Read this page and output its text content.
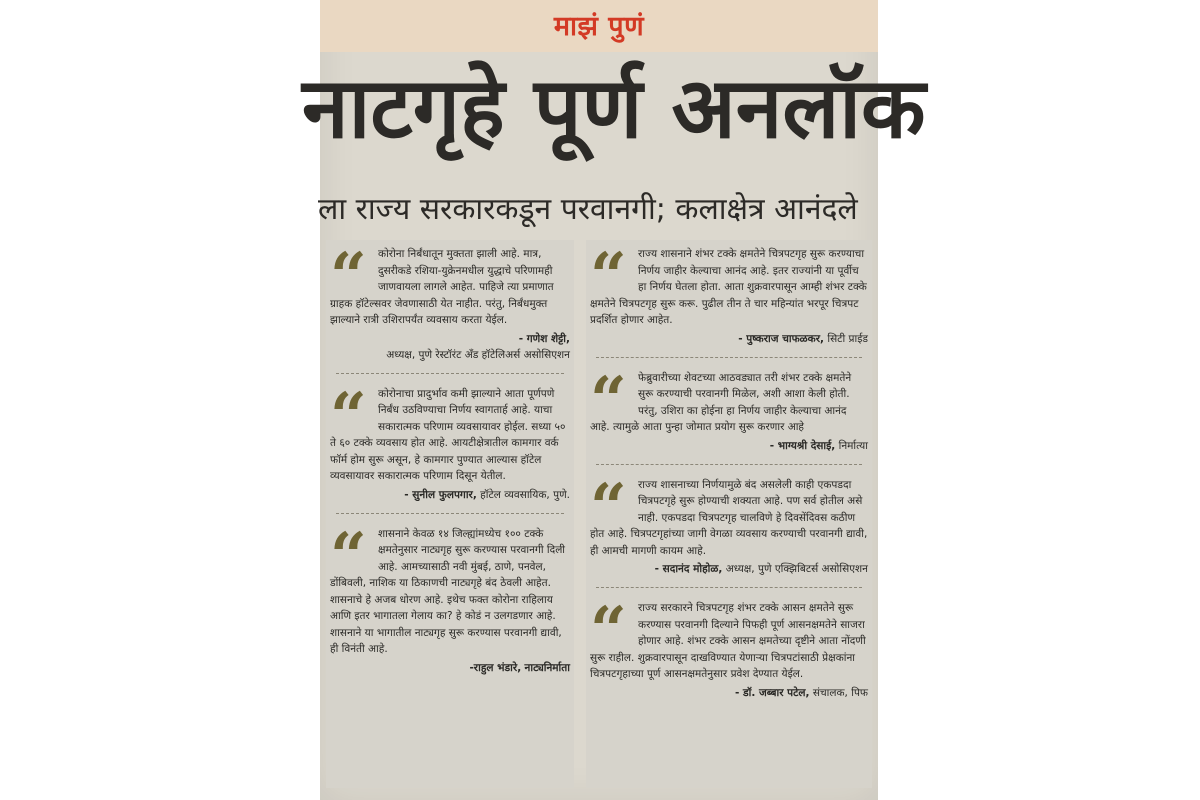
माझं पुणं
नाटगृहे पूर्ण अनलॉक
ला राज्य सरकारकडून परवानगी; कलाक्षेत्र आनंदले
“	कोरोना निर्बंधातून मुक्तता झाली आहे. मात्र, दुसरीकडे रशिया-युक्रेनमधील युद्धाचे परिणामही जाणवायला लागले आहेत. पाहिजे त्या प्रमाणात ग्राहक हॉटेल्सवर जेवणासाठी येत नाहीत. परंतु, निर्बंधमुक्त झाल्याने रात्री उशिरापर्यंत व्यवसाय करता येईल.
- गणेश शेट्टी,
अध्यक्ष, पुणे रेस्टॉरंट अँड हॉटेलिअर्स असोसिएशन
“	कोरोनाचा प्रादुर्भाव कमी झाल्याने आता पूर्णपणे निर्बंध उठविण्याचा निर्णय स्वागतार्ह आहे. याचा सकारात्मक परिणाम व्यवसायावर होईल. सध्या ५० ते ६० टक्के व्यवसाय होत आहे. आयटीक्षेत्रातील कामगार वर्क फॉर्म होम सुरू असून, हे कामगार पुण्यात आल्यास हॉटेल व्यवसायावर सकारात्मक परिणाम दिसून येतील.
- सुनील फुलपगार, हॉटेल व्यवसायिक, पुणे.
“	शासनाने केवळ १४ जिल्ह्यांमध्येच १०० टक्के क्षमतेनुसार नाट्यगृह सुरू करण्यास परवानगी दिली आहे. आमच्यासाठी नवी मुंबई, ठाणे, पनवेल, डोंबिवली, नाशिक या ठिकाणची नाट्यगृहे बंद ठेवली आहेत. शासनाचे हे अजब धोरण आहे. इथेच फक्त कोरोना राहिलाय आणि इतर भागातला गेलाय का? हे कोडं न उलगडणार आहे. शासनाने या भागातील नाट्यगृह सुरू करण्यास परवानगी द्यावी, ही विनंती आहे.
-राहुल भंडारे, नाट्यनिर्माता
“	राज्य शासनाने शंभर टक्के क्षमतेने चित्रपटगृह सुरू करण्याचा निर्णय जाहीर केल्याचा आनंद आहे. इतर राज्यांनी या पूर्वीच हा निर्णय घेतला होता. आता शुक्रवारपासून आम्ही शंभर टक्के क्षमतेने चित्रपटगृह सुरू करू. पुढील तीन ते चार महिन्यांत भरपूर चित्रपट प्रदर्शित होणार आहेत.
- पुष्कराज चाफळकर, सिटी प्राईड
“	फेब्रुवारीच्या शेवटच्या आठवड्यात तरी शंभर टक्के क्षमतेने सुरू करण्याची परवानगी मिळेल, अशी आशा केली होती. परंतु, उशिरा का होईना हा निर्णय जाहीर केल्याचा आनंद आहे. त्यामुळे आता पुन्हा जोमात प्रयोग सुरू करणार आहे
- भाग्यश्री देसाई, निर्मात्या
“	राज्य शासनाच्या निर्णयामुळे बंद असलेली काही एकपडदा चित्रपटगृहे सुरू होण्याची शक्यता आहे. पण सर्व होतील असे नाही. एकपडदा चित्रपटगृह चालविणे हे दिवसेंदिवस कठीण होत आहे. चित्रपटगृहांच्या जागी वेगळा व्यवसाय करण्याची परवानगी द्यावी, ही आमची मागणी कायम आहे.
- सदानंद मोहोळ, अध्यक्ष, पुणे एक्झिबिटर्स असोसिएशन
“	राज्य सरकारने चित्रपटगृह शंभर टक्के आसन क्षमतेने सुरू करण्यास परवानगी दिल्याने पिफही पूर्ण आसनक्षमतेने साजरा होणार आहे. शंभर टक्के आसन क्षमतेच्या दृष्टीने आता नोंदणी सुरू राहील. शुक्रवारपासून दाखविण्यात येणाऱ्या चित्रपटांसाठी प्रेक्षकांना चित्रपटगृहाच्या पूर्ण आसनक्षमतेनुसार प्रवेश देण्यात येईल.
- डॉ. जब्बार पटेल, संचालक, पिफ
